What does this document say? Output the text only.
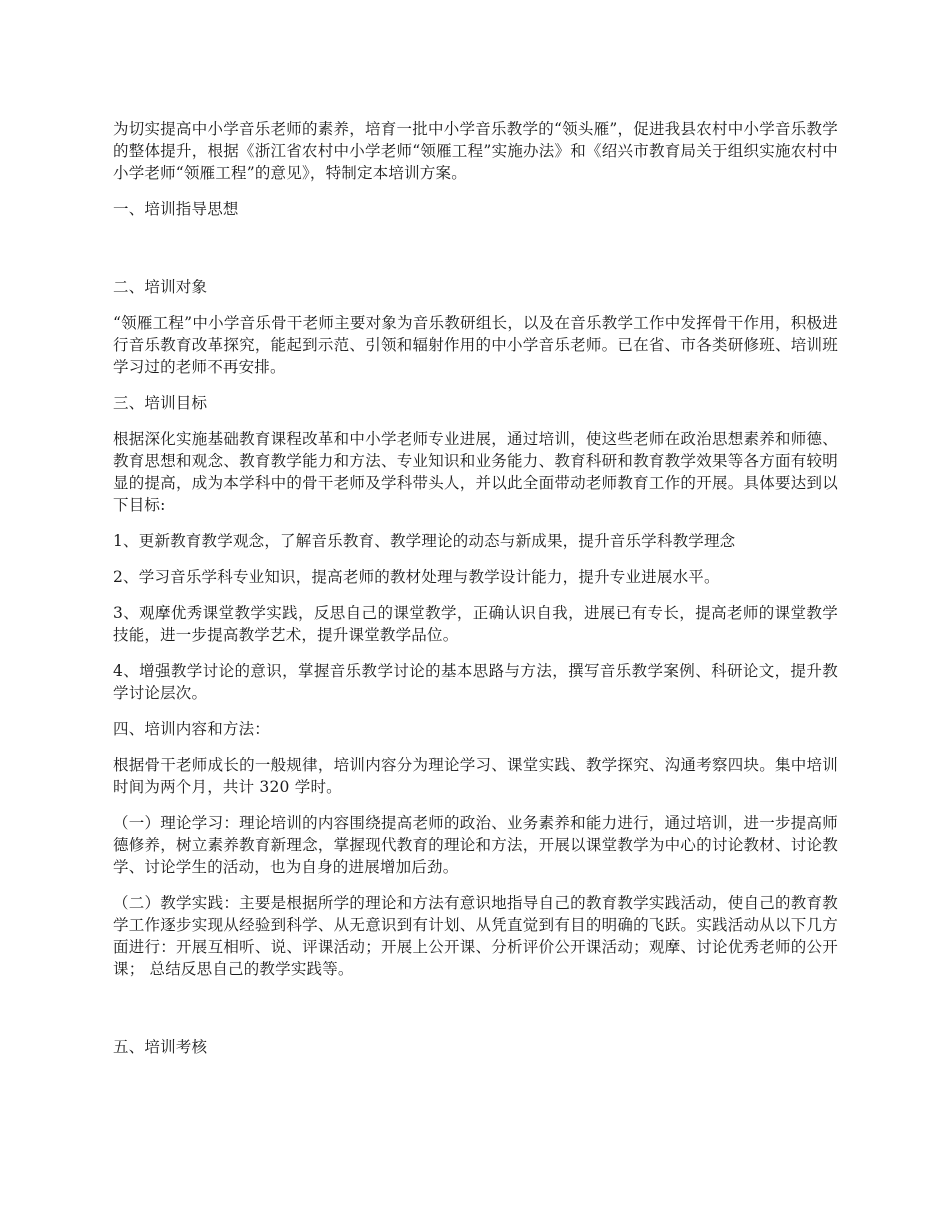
为切实提高中小学音乐老师的素养，培育一批中小学音乐教学的“领头雁”，促进我县农村中小学音乐教学的整体提升，根据《浙江省农村中小学老师“领雁工程”实施办法》和《绍兴市教育局关于组织实施农村中小学老师“领雁工程”的意见》，特制定本培训方案。

一、培训指导思想

二、培训对象

“领雁工程”中小学音乐骨干老师主要对象为音乐教研组长，以及在音乐教学工作中发挥骨干作用，积极进行音乐教育改革探究，能起到示范、引领和辐射作用的中小学音乐老师。已在省、市各类研修班、培训班学习过的老师不再安排。

三、培训目标

根据深化实施基础教育课程改革和中小学老师专业进展，通过培训，使这些老师在政治思想素养和师德、教育思想和观念、教育教学能力和方法、专业知识和业务能力、教育科研和教育教学效果等各方面有较明显的提高，成为本学科中的骨干老师及学科带头人，并以此全面带动老师教育工作的开展。具体要达到以下目标:

1、更新教育教学观念，了解音乐教育、教学理论的动态与新成果，提升音乐学科教学理念

2、学习音乐学科专业知识，提高老师的教材处理与教学设计能力，提升专业进展水平。

3、观摩优秀课堂教学实践，反思自己的课堂教学，正确认识自我，进展已有专长，提高老师的课堂教学技能，进一步提高教学艺术，提升课堂教学品位。

4、增强教学讨论的意识，掌握音乐教学讨论的基本思路与方法，撰写音乐教学案例、科研论文，提升教学讨论层次。

四、培训内容和方法：

根据骨干老师成长的一般规律，培训内容分为理论学习、课堂实践、教学探究、沟通考察四块。集中培训时间为两个月，共计 320 学时。

（一）理论学习：理论培训的内容围绕提高老师的政治、业务素养和能力进行，通过培训，进一步提高师德修养，树立素养教育新理念，掌握现代教育的理论和方法，开展以课堂教学为中心的讨论教材、讨论教学、讨论学生的活动，也为自身的进展增加后劲。

（二）教学实践：主要是根据所学的理论和方法有意识地指导自己的教育教学实践活动，使自己的教育教学工作逐步实现从经验到科学、从无意识到有计划、从凭直觉到有目的明确的飞跃。实践活动从以下几方面进行：开展互相听、说、评课活动；开展上公开课、分析评价公开课活动；观摩、讨论优秀老师的公开课； 总结反思自己的教学实践等。

五、培训考核
